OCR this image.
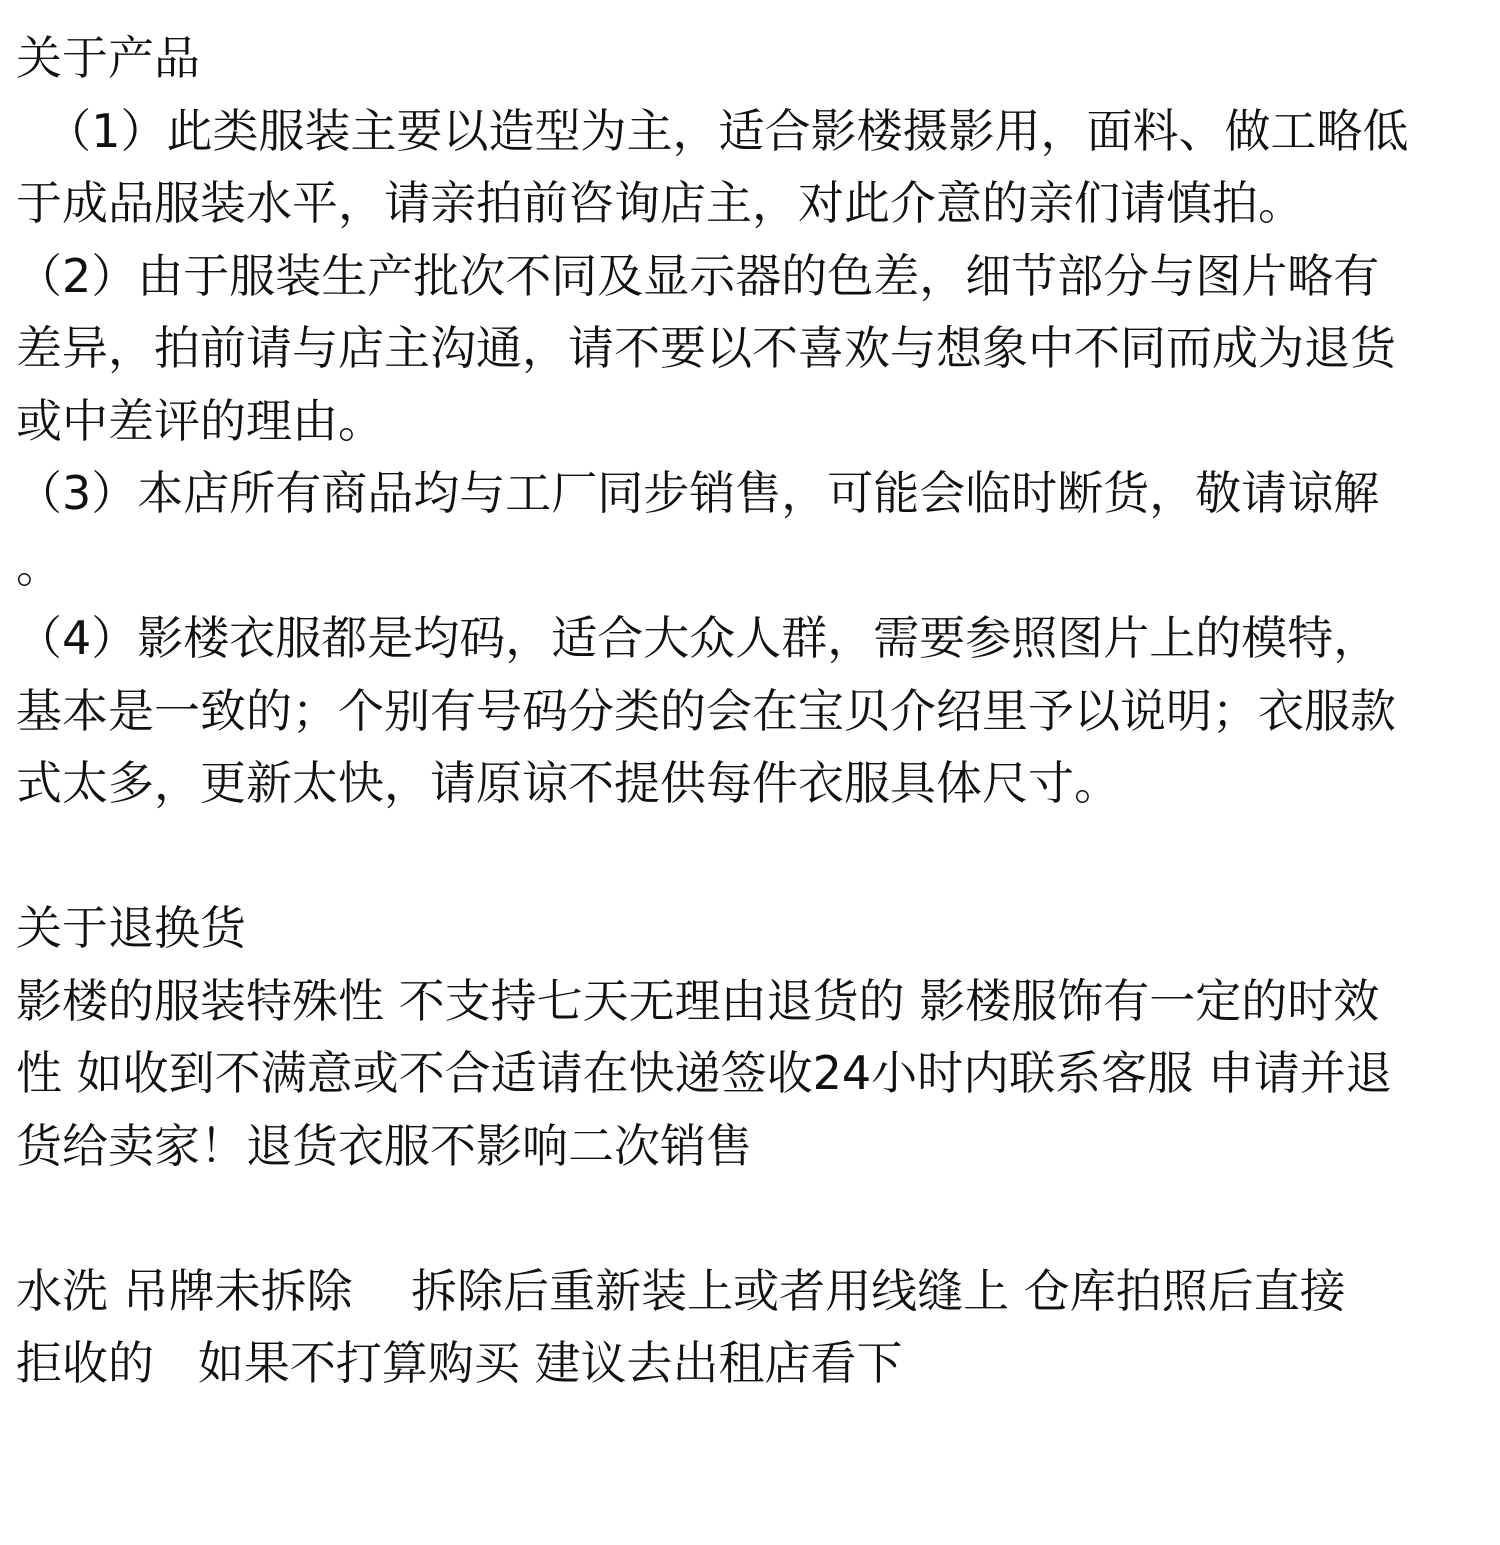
关于产品
（1）此类服装主要以造型为主，适合影楼摄影用，面料、做工略低
于成品服装水平，请亲拍前咨询店主，对此介意的亲们请慎拍。
（2）由于服装生产批次不同及显示器的色差，细节部分与图片略有
差异，拍前请与店主沟通，请不要以不喜欢与想象中不同而成为退货
或中差评的理由。
（3）本店所有商品均与工厂同步销售，可能会临时断货，敬请谅解
。
（4）影楼衣服都是均码，适合大众人群，需要参照图片上的模特，
基本是一致的；个别有号码分类的会在宝贝介绍里予以说明；衣服款
式太多，更新太快，请原谅不提供每件衣服具体尺寸。
关于退换货
影楼的服装特殊性 不支持七天无理由退货的 影楼服饰有一定的时效
性 如收到不满意或不合适请在快递签收24小时内联系客服 申请并退
货给卖家！退货衣服不影响二次销售
水洗 吊牌未拆除    拆除后重新装上或者用线缝上 仓库拍照后直接
拒收的   如果不打算购买 建议去出租店看下
